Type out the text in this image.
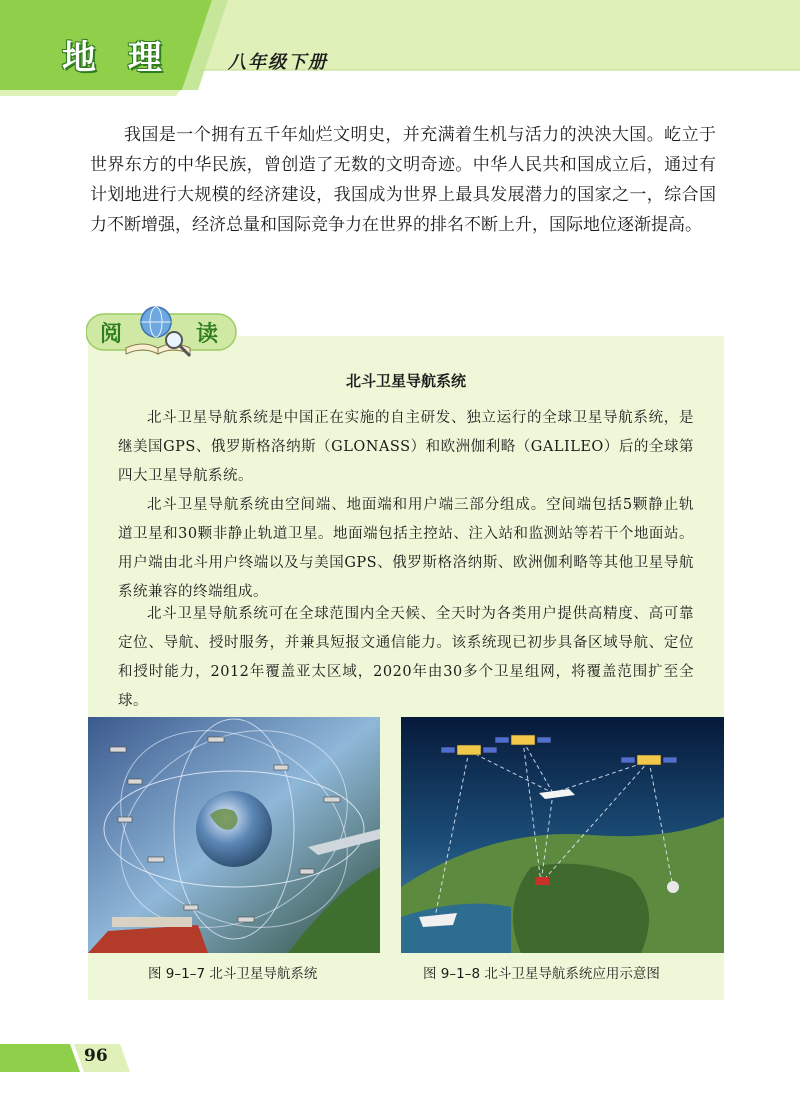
地 理	八年级下册

我国是一个拥有五千年灿烂文明史，并充满着生机与活力的泱泱大国。屹立于世界东方的中华民族，曾创造了无数的文明奇迹。中华人民共和国成立后，通过有计划地进行大规模的经济建设，我国成为世界上最具发展潜力的国家之一，综合国力不断增强，经济总量和国际竞争力在世界的排名不断上升，国际地位逐渐提高。

阅	读
北斗卫星导航系统

北斗卫星导航系统是中国正在实施的自主研发、独立运行的全球卫星导航系统，是继美国GPS、俄罗斯格洛纳斯（GLONASS）和欧洲伽利略（GALILEO）后的全球第四大卫星导航系统。

北斗卫星导航系统由空间端、地面端和用户端三部分组成。空间端包括5颗静止轨道卫星和30颗非静止轨道卫星。地面端包括主控站、注入站和监测站等若干个地面站。用户端由北斗用户终端以及与美国GPS、俄罗斯格洛纳斯、欧洲伽利略等其他卫星导航系统兼容的终端组成。

北斗卫星导航系统可在全球范围内全天候、全天时为各类用户提供高精度、高可靠定位、导航、授时服务，并兼具短报文通信能力。该系统现已初步具备区域导航、定位和授时能力，2012年覆盖亚太区域，2020年由30多个卫星组网，将覆盖范围扩至全球。

图 9–1–7 北斗卫星导航系统	图 9–1–8 北斗卫星导航系统应用示意图
96
